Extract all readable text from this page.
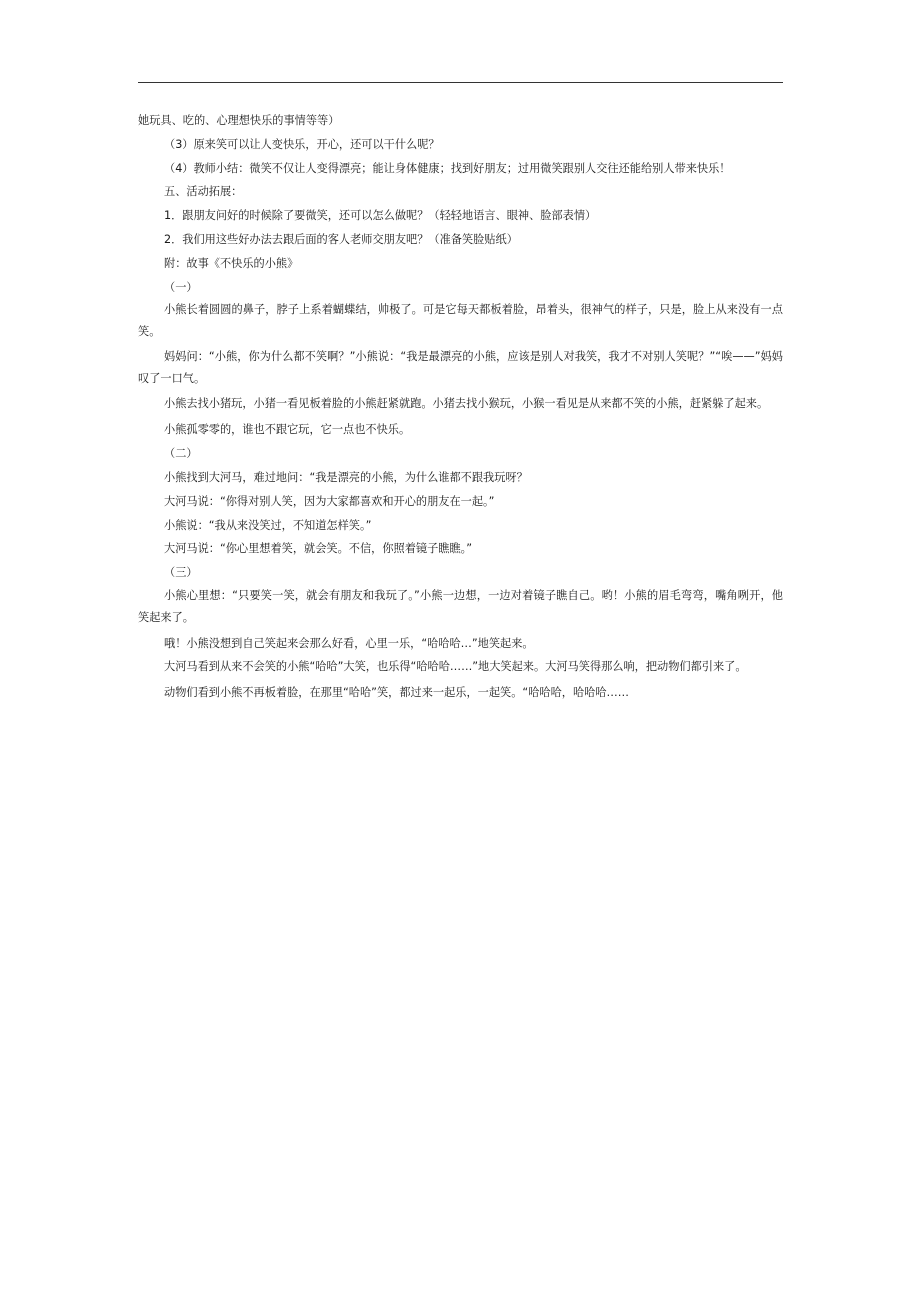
她玩具、吃的、心理想快乐的事情等等）

（3）原来笑可以让人变快乐，开心，还可以干什么呢？

（4）教师小结：微笑不仅让人变得漂亮；能让身体健康；找到好朋友；过用微笑跟别人交往还能给别人带来快乐！

五、活动拓展：

1．跟朋友问好的时候除了要微笑，还可以怎么做呢？（轻轻地语言、眼神、脸部表情）

2．我们用这些好办法去跟后面的客人老师交朋友吧？（准备笑脸贴纸）

附：故事《不快乐的小熊》

（一）

小熊长着圆圆的鼻子，脖子上系着蝴蝶结，帅极了。可是它每天都板着脸，昂着头，很神气的样子，只是，脸上从来没有一点笑。

妈妈问：“小熊，你为什么都不笑啊？”小熊说：“我是最漂亮的小熊，应该是别人对我笑，我才不对别人笑呢？”“唉——”妈妈叹了一口气。

小熊去找小猪玩，小猪一看见板着脸的小熊赶紧就跑。小猪去找小猴玩，小猴一看见是从来都不笑的小熊，赶紧躲了起来。

小熊孤零零的，谁也不跟它玩，它一点也不快乐。

（二）

小熊找到大河马，难过地问：“我是漂亮的小熊，为什么谁都不跟我玩呀？

大河马说：“你得对别人笑，因为大家都喜欢和开心的朋友在一起。”

小熊说：“我从来没笑过，不知道怎样笑。”

大河马说：“你心里想着笑，就会笑。不信，你照着镜子瞧瞧。”

（三）

小熊心里想：“只要笑一笑，就会有朋友和我玩了。”小熊一边想，一边对着镜子瞧自己。哟！小熊的眉毛弯弯，嘴角咧开，他笑起来了。

哦！小熊没想到自己笑起来会那么好看，心里一乐，“哈哈哈…”地笑起来。

大河马看到从来不会笑的小熊“哈哈”大笑，也乐得“哈哈哈……”地大笑起来。大河马笑得那么响，把动物们都引来了。

动物们看到小熊不再板着脸，在那里“哈哈”笑，都过来一起乐，一起笑。“哈哈哈，哈哈哈……
